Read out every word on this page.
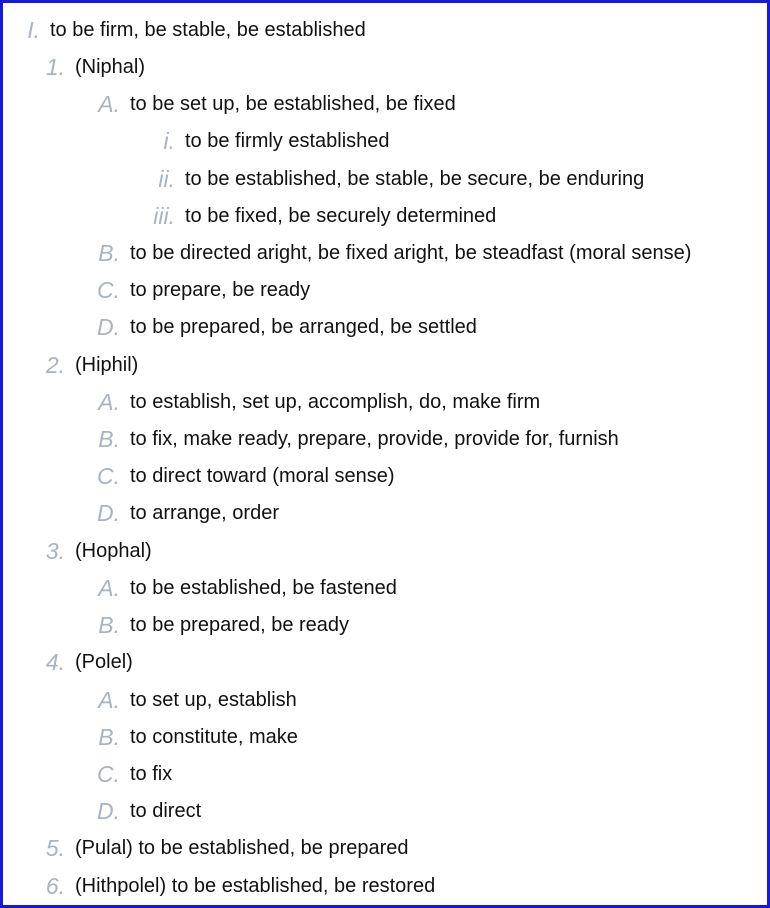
I. to be firm, be stable, be established
1. (Niphal)
A. to be set up, be established, be fixed
i. to be firmly established
ii. to be established, be stable, be secure, be enduring
iii. to be fixed, be securely determined
B. to be directed aright, be fixed aright, be steadfast (moral sense)
C. to prepare, be ready
D. to be prepared, be arranged, be settled
2. (Hiphil)
A. to establish, set up, accomplish, do, make firm
B. to fix, make ready, prepare, provide, provide for, furnish
C. to direct toward (moral sense)
D. to arrange, order
3. (Hophal)
A. to be established, be fastened
B. to be prepared, be ready
4. (Polel)
A. to set up, establish
B. to constitute, make
C. to fix
D. to direct
5. (Pulal) to be established, be prepared
6. (Hithpolel) to be established, be restored
